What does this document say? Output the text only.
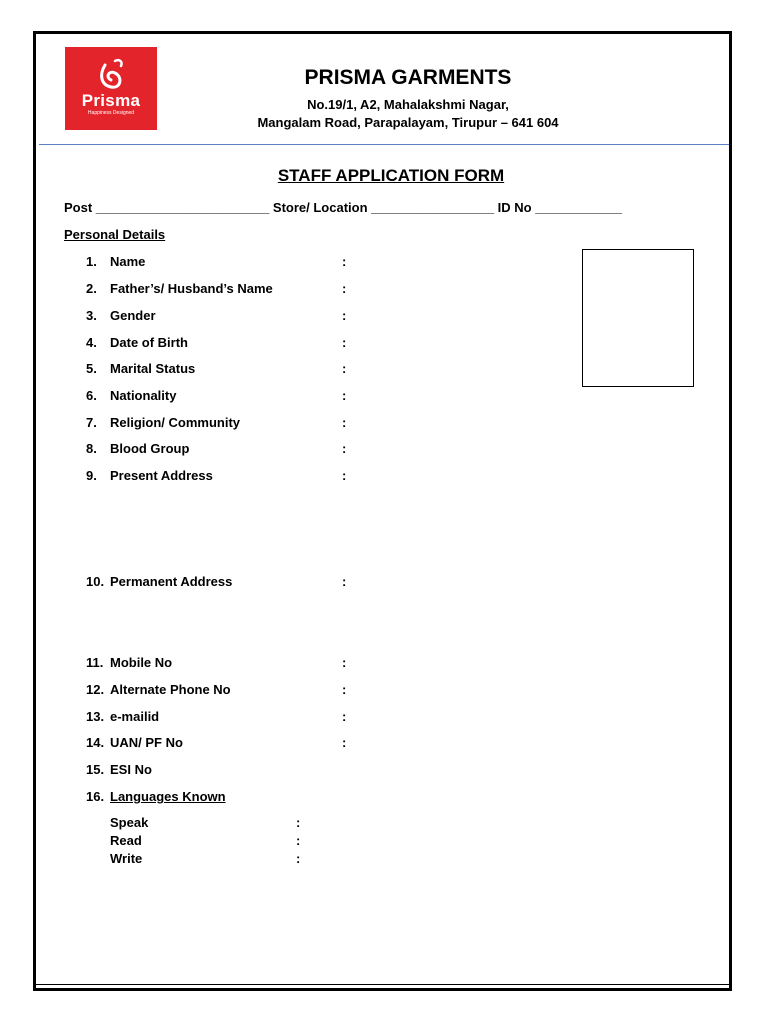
Prisma
Happiness Designed
PRISMA GARMENTS
No.19/1, A2, Mahalakshmi Nagar,
Mangalam Road, Parapalayam, Tirupur – 641 604
STAFF APPLICATION FORM
Post ________________________ Store/ Location _________________ ID No ____________
Personal Details
1.	Name	:
2.	Father’s/ Husband’s Name	:
3.	Gender	:
4.	Date of Birth	:
5.	Marital Status	:
6.	Nationality	:
7.	Religion/ Community	:
8.	Blood Group	:
9.	Present Address	:
10. Permanent Address	:
11. Mobile No	:
12. Alternate Phone No	:
13. e-mailid	:
14. UAN/ PF No	:
15. ESI No
16. Languages Known
Speak	:
Read	:
Write	:
